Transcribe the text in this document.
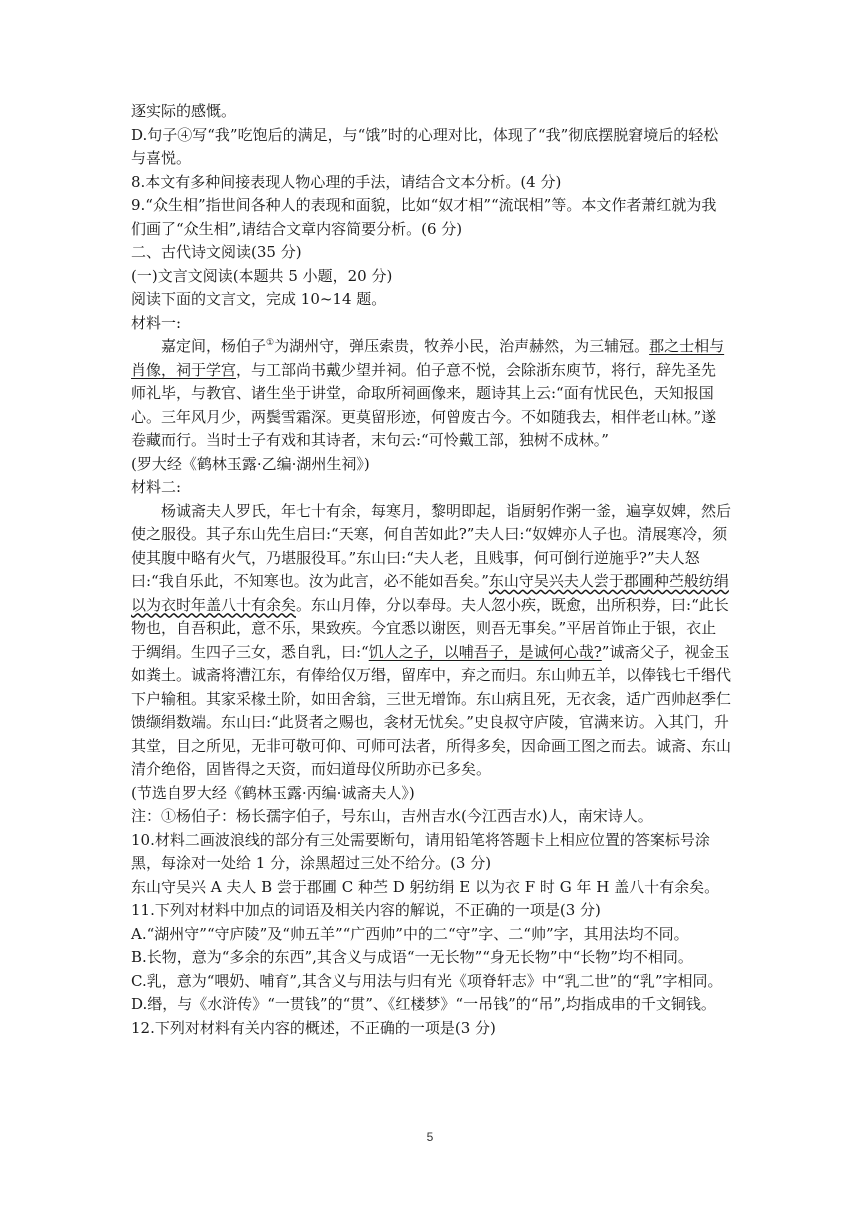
逐实际的感慨。
D.句子④写“我”吃饱后的满足，与“饿”时的心理对比，体现了“我”彻底摆脱窘境后的轻松与喜悦。
8.本文有多种间接表现人物心理的手法，请结合文本分析。(4 分)
9.“众生相”指世间各种人的表现和面貌，比如“奴才相”“流氓相”等。本文作者萧红就为我们画了“众生相”,请结合文章内容简要分析。(6 分)
二、古代诗文阅读(35 分)
(一)文言文阅读(本题共 5 小题，20 分)
阅读下面的文言文，完成 10~14 题。
材料一:
嘉定间，杨伯子①为湖州守，弹压索贵，牧养小民，治声赫然，为三辅冠。郡之士相与肖像，祠于学宫，与工部尚书戴少望并祠。伯子意不悦，会除浙东庾节，将行，辞先圣先师礼毕，与教官、诸生坐于讲堂，命取所祠画像来，题诗其上云:“面有忧民色，天知报国心。三年风月少，两鬓雪霜深。更莫留形迹，何曾废古今。不如随我去，相伴老山林。”遂卷藏而行。当时士子有戏和其诗者，末句云:“可怜戴工部，独树不成林。”
(罗大经《鹤林玉露·乙编·湖州生祠》)
材料二:
杨诚斋夫人罗氏，年七十有余，每寒月，黎明即起，诣厨躬作粥一釜，遍享奴婢，然后使之服役。其子东山先生启曰:“天寒，何自苦如此?”夫人曰:“奴婢亦人子也。清展寒冷，须使其腹中略有火气，乃堪服役耳。”东山曰:“夫人老，且贱事，何可倒行逆施乎?”夫人怒曰:“我自乐此，不知寒也。汝为此言，必不能如吾矣。”东山守吴兴夫人尝于郡圃种苎般纺绢以为衣时年盖八十有余矣。东山月俸，分以奉母。夫人忽小疾，既愈，出所积券，曰:“此长物也，自吾积此，意不乐，果致疾。今宜悉以谢医，则吾无事矣。”平居首饰止于银，衣止于绸绢。生四子三女，悉自乳，曰:“饥人之子，以哺吾子，是诚何心哉?”诚斋父子，视金玉如粪土。诚斋将漕江东，有俸给仅万缗，留库中，弃之而归。东山帅五羊，以俸钱七千缗代下户输租。其家采椽土阶，如田舍翁，三世无增饰。东山病且死，无衣衾，适广西帅赵季仁馈缬绢数端。东山曰:“此贤者之赐也，衾材无忧矣。”史良叔守庐陵，官满来访。入其门，升其堂，目之所见，无非可敬可仰、可师可法者，所得多矣，因命画工图之而去。诚斋、东山清介绝俗，固皆得之天资，而妇道母仪所助亦已多矣。
(节选自罗大经《鹤林玉露·丙编·诚斋夫人》)
注：①杨伯子：杨长孺字伯子，号东山，吉州吉水(今江西吉水)人，南宋诗人。
10.材料二画波浪线的部分有三处需要断句，请用铅笔将答题卡上相应位置的答案标号涂黑，每涂对一处给 1 分，涂黑超过三处不给分。(3 分)
东山守吴兴 A 夫人 B 尝于郡圃 C 种苎 D 躬纺绢 E 以为衣 F 时 G 年 H 盖八十有余矣。
11.下列对材料中加点的词语及相关内容的解说，不正确的一项是(3 分)
A.“湖州守”“守庐陵”及“帅五羊”“广西帅”中的二“守”字、二“帅”字，其用法均不同。
B.长物，意为“多余的东西”,其含义与成语“一无长物”“身无长物”中“长物”均不相同。
C.乳，意为“喂奶、哺育”,其含义与用法与归有光《项脊轩志》中“乳二世”的“乳”字相同。
D.缗，与《水浒传》“一贯钱”的“贯”、《红楼梦》“一吊钱”的“吊”,均指成串的千文铜钱。
12.下列对材料有关内容的概述，不正确的一项是(3 分)
5
